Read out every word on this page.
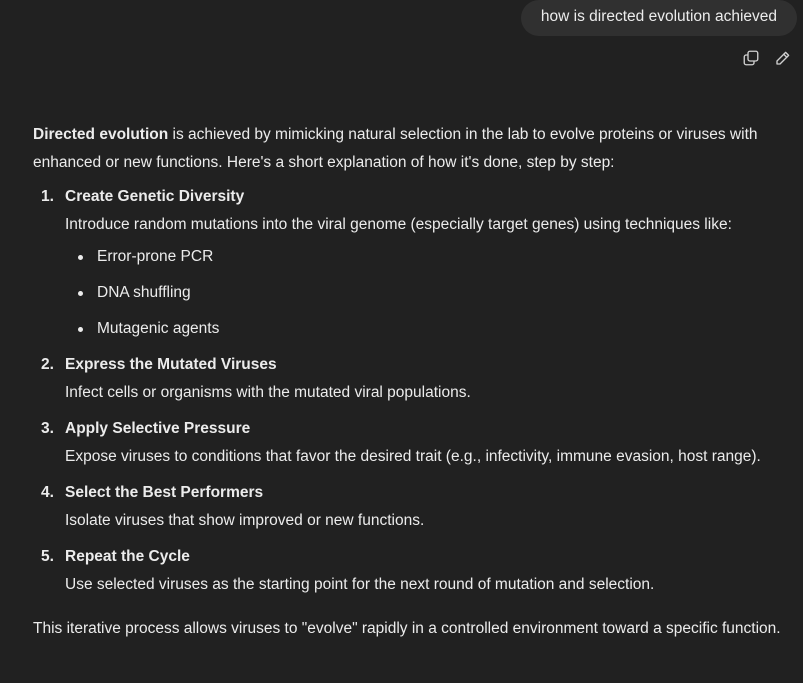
how is directed evolution achieved

Directed evolution is achieved by mimicking natural selection in the lab to evolve proteins or viruses with enhanced or new functions. Here's a short explanation of how it's done, step by step:

1. Create Genetic Diversity
Introduce random mutations into the viral genome (especially target genes) using techniques like:
Error-prone PCR
DNA shuffling
Mutagenic agents
2. Express the Mutated Viruses
Infect cells or organisms with the mutated viral populations.
3. Apply Selective Pressure
Expose viruses to conditions that favor the desired trait (e.g., infectivity, immune evasion, host range).
4. Select the Best Performers
Isolate viruses that show improved or new functions.
5. Repeat the Cycle
Use selected viruses as the starting point for the next round of mutation and selection.

This iterative process allows viruses to "evolve" rapidly in a controlled environment toward a specific function.
